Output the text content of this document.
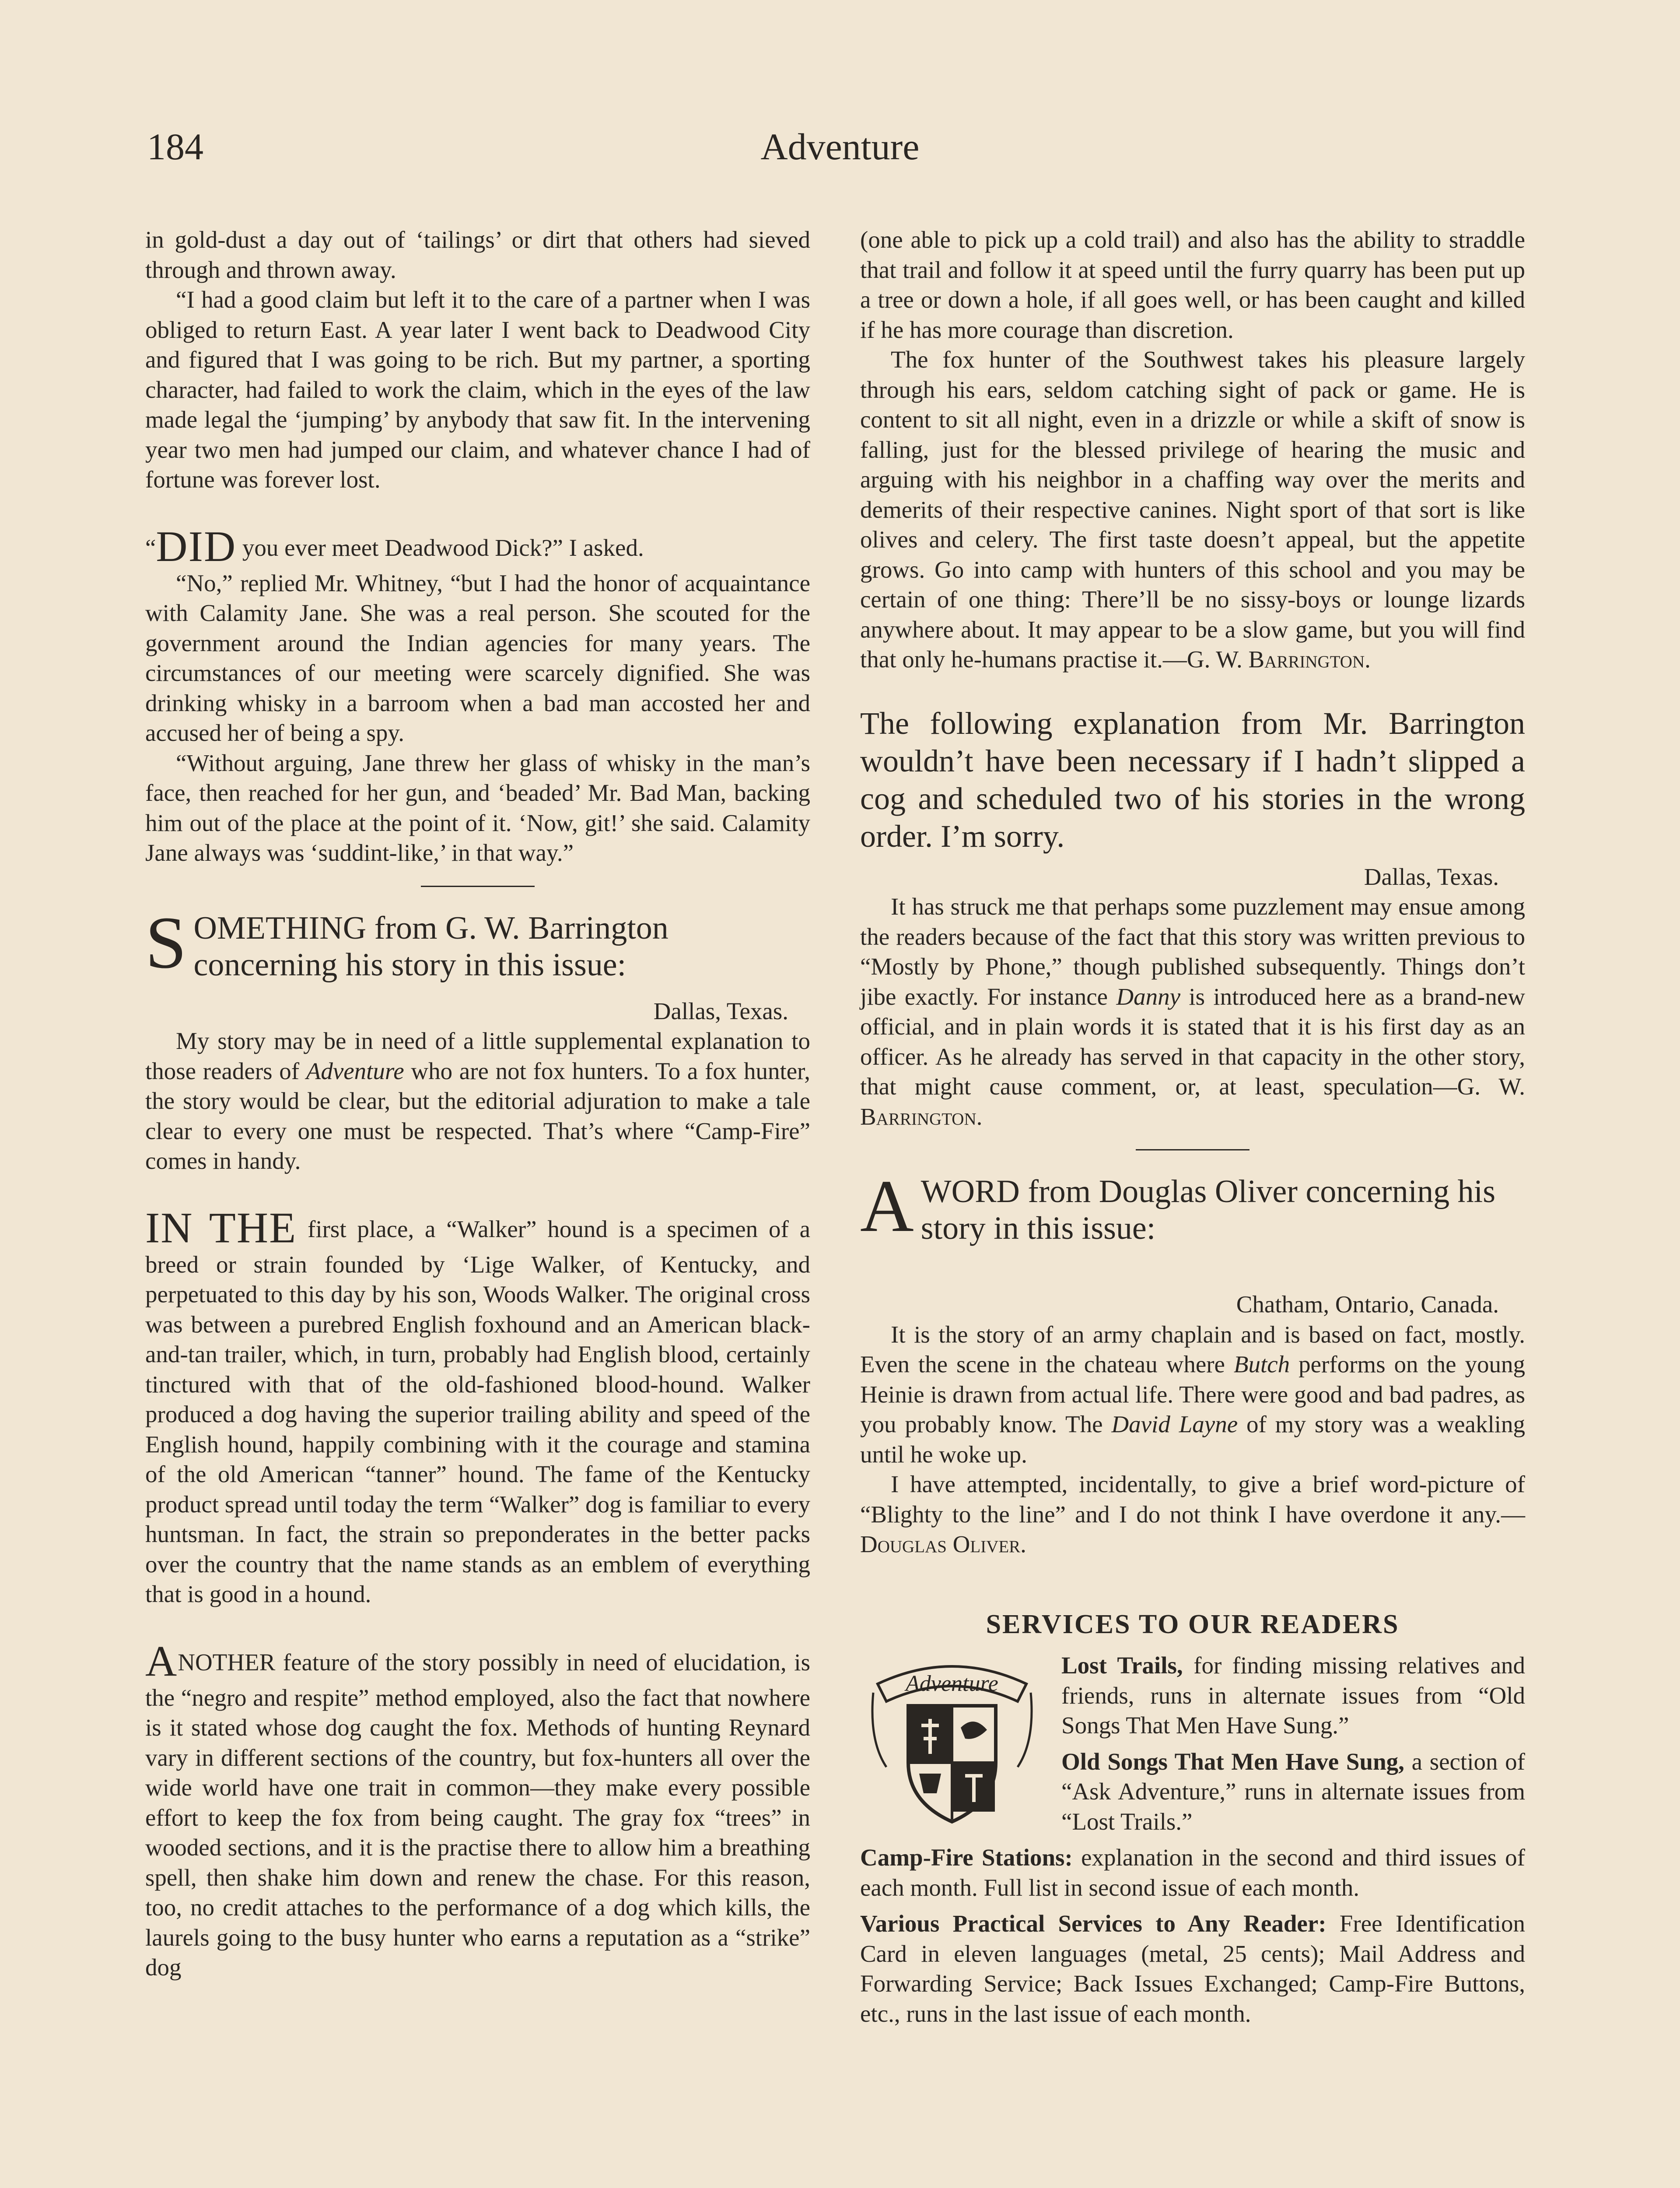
184	Adventure

in gold-dust a day out of ‘tailings’ or dirt that others had sieved through and thrown away.

“I had a good claim but left it to the care of a partner when I was obliged to return East. A year later I went back to Deadwood City and figured that I was going to be rich. But my partner, a sporting character, had failed to work the claim, which in the eyes of the law made legal the ‘jumping’ by anybody that saw fit. In the intervening year two men had jumped our claim, and whatever chance I had of fortune was forever lost.

“DID you ever meet Deadwood Dick?” I asked.

“No,” replied Mr. Whitney, “but I had the honor of acquaintance with Calamity Jane. She was a real person. She scouted for the government around the Indian agencies for many years. The circumstances of our meeting were scarcely dignified. She was drinking whisky in a barroom when a bad man accosted her and accused her of being a spy.

“Without arguing, Jane threw her glass of whisky in the man’s face, then reached for her gun, and ‘beaded’ Mr. Bad Man, backing him out of the place at the point of it. ‘Now, git!’ she said. Calamity Jane always was ‘suddint-like,’ in that way.”

SOMETHING from G. W. Barrington concerning his story in this issue:

Dallas, Texas.

My story may be in need of a little supplemental explanation to those readers of Adventure who are not fox hunters. To a fox hunter, the story would be clear, but the editorial adjuration to make a tale clear to every one must be respected. That’s where “Camp-Fire” comes in handy.

IN THE first place, a “Walker” hound is a specimen of a breed or strain founded by ‘Lige Walker, of Kentucky, and perpetuated to this day by his son, Woods Walker. The original cross was between a purebred English foxhound and an American black-and-tan trailer, which, in turn, probably had English blood, certainly tinctured with that of the old-fashioned blood-hound. Walker produced a dog having the superior trailing ability and speed of the English hound, happily combining with it the courage and stamina of the old American “tanner” hound. The fame of the Kentucky product spread until today the term “Walker” dog is familiar to every huntsman. In fact, the strain so preponderates in the better packs over the country that the name stands as an emblem of everything that is good in a hound.

ANOTHER feature of the story possibly in need of elucidation, is the “negro and respite” method employed, also the fact that nowhere is it stated whose dog caught the fox. Methods of hunting Reynard vary in different sections of the country, but fox-hunters all over the wide world have one trait in common—they make every possible effort to keep the fox from being caught. The gray fox “trees” in wooded sections, and it is the practise there to allow him a breathing spell, then shake him down and renew the chase. For this reason, too, no credit attaches to the performance of a dog which kills, the laurels going to the busy hunter who earns a reputation as a “strike” dog

(one able to pick up a cold trail) and also has the ability to straddle that trail and follow it at speed until the furry quarry has been put up a tree or down a hole, if all goes well, or has been caught and killed if he has more courage than discretion.

The fox hunter of the Southwest takes his pleasure largely through his ears, seldom catching sight of pack or game. He is content to sit all night, even in a drizzle or while a skift of snow is falling, just for the blessed privilege of hearing the music and arguing with his neighbor in a chaffing way over the merits and demerits of their respective canines. Night sport of that sort is like olives and celery. The first taste doesn’t appeal, but the appetite grows. Go into camp with hunters of this school and you may be certain of one thing: There’ll be no sissy-boys or lounge lizards anywhere about. It may appear to be a slow game, but you will find that only he-humans practise it.—G. W. Barrington.

The following explanation from Mr. Barrington wouldn’t have been necessary if I hadn’t slipped a cog and scheduled two of his stories in the wrong order. I’m sorry.

Dallas, Texas.

It has struck me that perhaps some puzzlement may ensue among the readers because of the fact that this story was written previous to “Mostly by Phone,” though published subsequently. Things don’t jibe exactly. For instance Danny is introduced here as a brand-new official, and in plain words it is stated that it is his first day as an officer. As he already has served in that capacity in the other story, that might cause comment, or, at least, speculation—G. W. Barrington.

A WORD from Douglas Oliver concerning his story in this issue:

Chatham, Ontario, Canada.

It is the story of an army chaplain and is based on fact, mostly. Even the scene in the chateau where Butch performs on the young Heinie is drawn from actual life. There were good and bad padres, as you probably know. The David Layne of my story was a weakling until he woke up.

I have attempted, incidentally, to give a brief word-picture of “Blighty to the line” and I do not think I have overdone it any.—Douglas Oliver.

SERVICES TO OUR READERS
Adventure

Lost Trails, for finding missing relatives and friends, runs in alternate issues from “Old Songs That Men Have Sung.”

Old Songs That Men Have Sung, a section of “Ask Adventure,” runs in alternate issues from “Lost Trails.”

Camp-Fire Stations: explanation in the second and third issues of each month. Full list in second issue of each month.

Various Practical Services to Any Reader: Free Identification Card in eleven languages (metal, 25 cents); Mail Address and Forwarding Service; Back Issues Exchanged; Camp-Fire Buttons, etc., runs in the last issue of each month.
